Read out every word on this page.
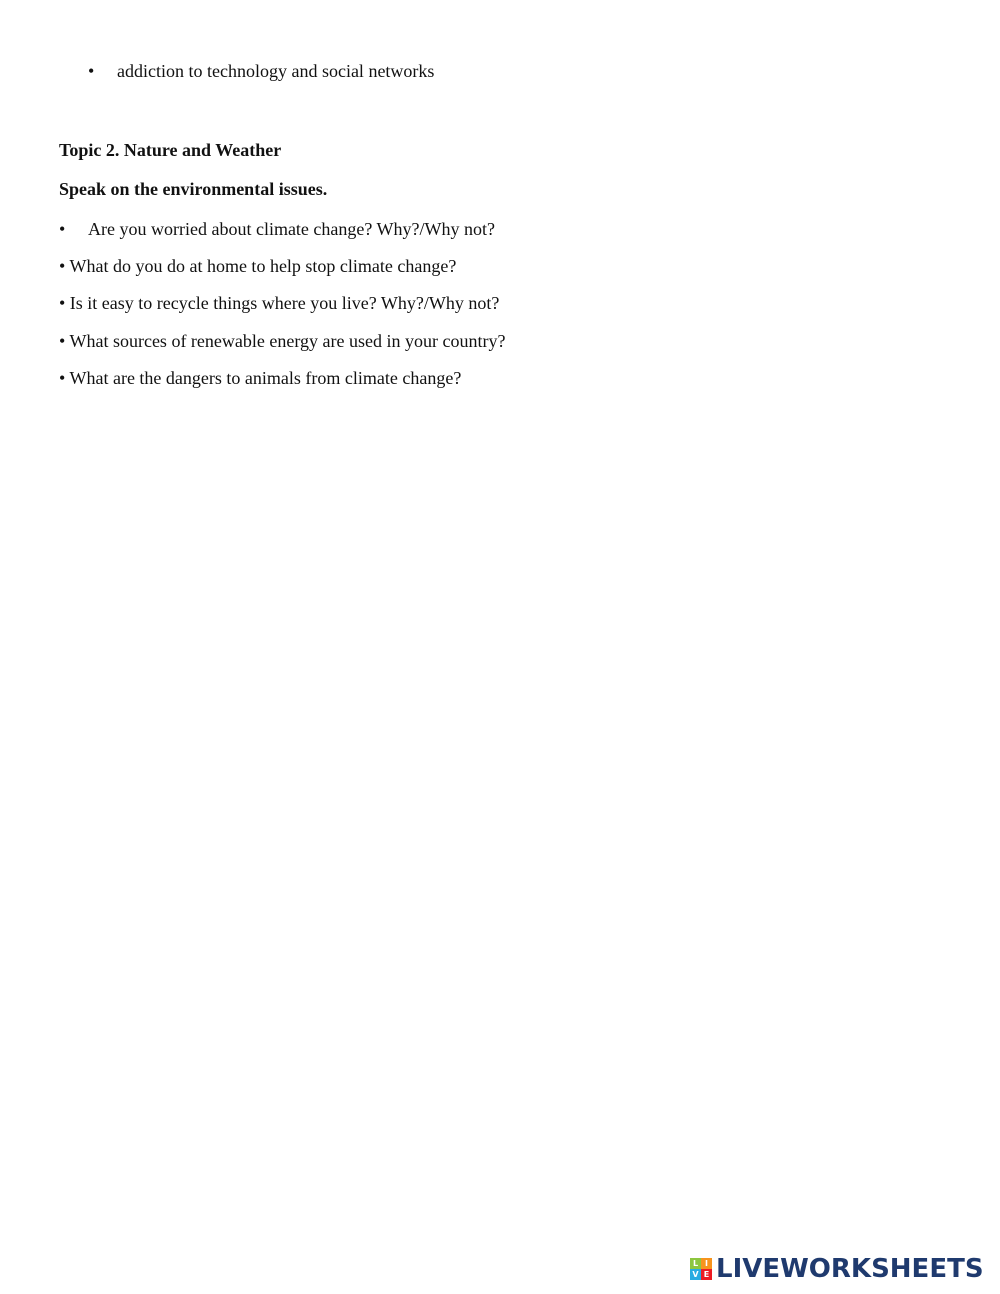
• addiction to technology and social networks
Topic 2. Nature and Weather
Speak on the environmental issues.
• Are you worried about climate change? Why?/Why not?
• What do you do at home to help stop climate change?
• Is it easy to recycle things where you live? Why?/Why not?
• What sources of renewable energy are used in your country?
• What are the dangers to animals from climate change?
L I
V E LIVEWORKSHEETS
